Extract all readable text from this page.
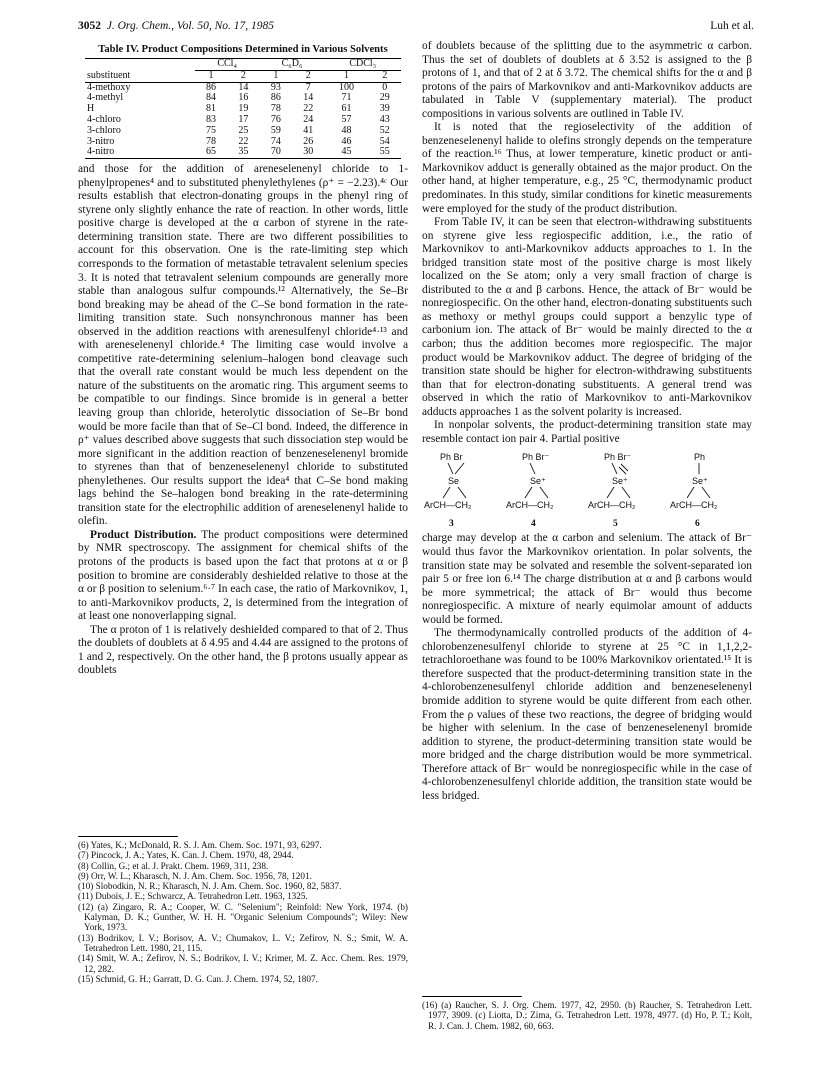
3052 J. Org. Chem., Vol. 50, No. 17, 1985	Luh et al.
Table IV. Product Compositions Determined in Various Solvents
	CCl₄		C₆D₆		CDCl₃	
substituent	1	2	1	2	1	2
4-methoxy	86	14	93	7	100	0
4-methyl	84	16	86	14	71	29
H	81	19	78	22	61	39
4-chloro	83	17	76	24	57	43
3-chloro	75	25	59	41	48	52
3-nitro	78	22	74	26	46	54
4-nitro	65	35	70	30	45	55

and those for the addition of areneselenenyl chloride to 1-phenylpropenes⁴ and to substituted phenylethylenes (ρ⁺ = −2.23).⁴ᶜ Our results establish that electron-donating groups in the phenyl ring of styrene only slightly enhance the rate of reaction. In other words, little positive charge is developed at the α carbon of styrene in the rate-determining transition state. There are two different possibilities to account for this observation. One is the rate-limiting step which corresponds to the formation of metastable tetravalent selenium species 3. It is noted that tetravalent selenium compounds are generally more stable than analogous sulfur compounds.¹² Alternatively, the Se–Br bond breaking may be ahead of the C–Se bond formation in the rate-limiting transition state. Such nonsynchronous manner has been observed in the addition reactions with arenesulfenyl chloride⁴·¹³ and with areneselenenyl chloride.⁴ The limiting case would involve a competitive rate-determining selenium–halogen bond cleavage such that the overall rate constant would be much less dependent on the nature of the substituents on the aromatic ring. This argument seems to be compatible to our findings. Since bromide is in general a better leaving group than chloride, heterolytic dissociation of Se–Br bond would be more facile than that of Se–Cl bond. Indeed, the difference in ρ⁺ values described above suggests that such dissociation step would be more significant in the addition reaction of benzeneselenenyl bromide to styrenes than that of benzeneselenenyl chloride to substituted phenylethenes. Our results support the idea⁴ that C–Se bond making lags behind the Se–halogen bond breaking in the rate-determining transition state for the electrophilic addition of areneselenenyl halide to olefin.

Product Distribution. The product compositions were determined by NMR spectroscopy. The assignment for chemical shifts of the protons of the products is based upon the fact that protons at α or β position to bromine are considerably deshielded relative to those at the α or β position to selenium.⁶·⁷ In each case, the ratio of Markovnikov, 1, to anti-Markovnikov products, 2, is determined from the integration of at least one nonoverlapping signal.

The α proton of 1 is relatively deshielded compared to that of 2. Thus the doublets of doublets at δ 4.95 and 4.44 are assigned to the protons of 1 and 2, respectively. On the other hand, the β protons usually appear as doublets

(6) Yates, K.; McDonald, R. S. J. Am. Chem. Soc. 1971, 93, 6297.
(7) Pincock, J. A.; Yates, K. Can. J. Chem. 1970, 48, 2944.
(8) Collin, G.; et al. J. Prakt. Chem. 1969, 311, 238.
(9) Orr, W. L.; Kharasch, N. J. Am. Chem. Soc. 1956, 78, 1201.
(10) Slobodkin, N. R.; Kharasch, N. J. Am. Chem. Soc. 1960, 82, 5837.
(11) Dubois, J. E.; Schwarcz, A. Tetrahedron Lett. 1963, 1325.
(12) (a) Zingaro, R. A.; Cooper, W. C. "Selenium"; Reinfold: New York, 1974. (b) Kalyman, D. K.; Gunther, W. H. H. "Organic Selenium Compounds"; Wiley: New York, 1973.
(13) Bodrikov, I. V.; Borisov, A. V.; Chumakov, L. V.; Zefirov, N. S.; Smit, W. A. Tetrahedron Lett. 1980, 21, 115.
(14) Smit, W. A.; Zefirov, N. S.; Bodrikov, I. V.; Krimer, M. Z. Acc. Chem. Res. 1979, 12, 282.
(15) Schmid, G. H.; Garratt, D. G. Can. J. Chem. 1974, 52, 1807.

of doublets because of the splitting due to the asymmetric α carbon. Thus the set of doublets of doublets at δ 3.52 is assigned to the β protons of 1, and that of 2 at δ 3.72. The chemical shifts for the α and β protons of the pairs of Markovnikov and anti-Markovnikov adducts are tabulated in Table V (supplementary material). The product compositions in various solvents are outlined in Table IV.

It is noted that the regioselectivity of the addition of benzeneselenenyl halide to olefins strongly depends on the temperature of the reaction.¹⁶ Thus, at lower temperature, kinetic product or anti-Markovnikov adduct is generally obtained as the major product. On the other hand, at higher temperature, e.g., 25 °C, thermodynamic product predominates. In this study, similar conditions for kinetic measurements were employed for the study of the product distribution.

From Table IV, it can be seen that electron-withdrawing substituents on styrene give less regiospecific addition, i.e., the ratio of Markovnikov to anti-Markovnikov adducts approaches to 1. In the bridged transition state most of the positive charge is most likely localized on the Se atom; only a very small fraction of charge is distributed to the α and β carbons. Hence, the attack of Br⁻ would be nonregiospecific. On the other hand, electron-donating substituents such as methoxy or methyl groups could support a benzylic type of carbonium ion. The attack of Br⁻ would be mainly directed to the α carbon; thus the addition becomes more regiospecific. The major product would be Markovnikov adduct. The degree of bridging of the transition state should be higher for electron-withdrawing substituents than that for electron-donating substituents. A general trend was observed in which the ratio of Markovnikov to anti-Markovnikov adducts approaches 1 as the solvent polarity is increased.

In nonpolar solvents, the product-determining transition state may resemble contact ion pair 4. Partial positive

Ph Br
Se
ArCH—CH₂
3
Ph Br⁻
Se⁺
ArCH—CH₂
4
Ph Br⁻
Se⁺
ArCH—CH₂
5
Ph
Se⁺
ArCH—CH₂
6

charge may develop at the α carbon and selenium. The attack of Br⁻ would thus favor the Markovnikov orientation. In polar solvents, the transition state may be solvated and resemble the solvent-separated ion pair 5 or free ion 6.¹⁴ The charge distribution at α and β carbons would be more symmetrical; the attack of Br⁻ would thus become nonregiospecific. A mixture of nearly equimolar amount of adducts would be formed.

The thermodynamically controlled products of the addition of 4-chlorobenzenesulfenyl chloride to styrene at 25 °C in 1,1,2,2-tetrachloroethane was found to be 100% Markovnikov orientated.¹⁵ It is therefore suspected that the product-determining transition state in the 4-chlorobenzenesulfenyl chloride addition and benzeneselenenyl bromide addition to styrene would be quite different from each other. From the ρ values of these two reactions, the degree of bridging would be higher with selenium. In the case of benzeneselenenyl bromide addition to styrene, the product-determining transition state would be more bridged and the charge distribution would be more symmetrical. Therefore attack of Br⁻ would be nonregiospecific while in the case of 4-chlorobenzenesulfenyl chloride addition, the transition state would be less bridged.

(16) (a) Raucher, S. J. Org. Chem. 1977, 42, 2950. (b) Raucher, S. Tetrahedron Lett. 1977, 3909. (c) Liotta, D.; Zima, G. Tetrahedron Lett. 1978, 4977. (d) Ho, P. T.; Kolt, R. J. Can. J. Chem. 1982, 60, 663.
